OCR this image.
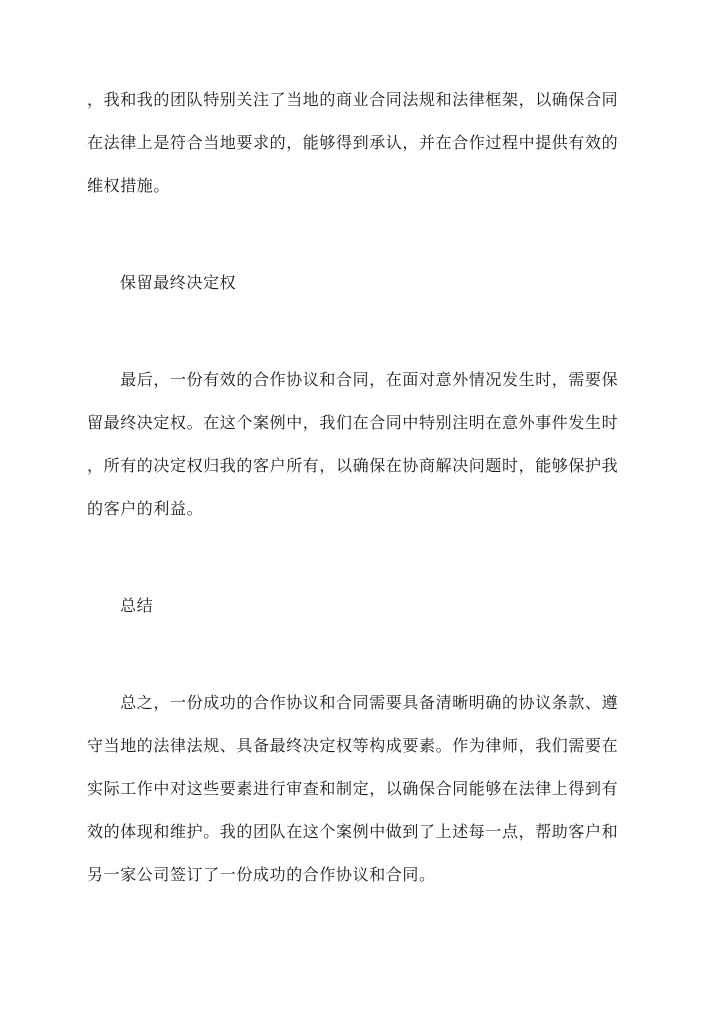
，我和我的团队特别关注了当地的商业合同法规和法律框架，以确保合同
在法律上是符合当地要求的，能够得到承认，并在合作过程中提供有效的
维权措施。
保留最终决定权
　　最后，一份有效的合作协议和合同，在面对意外情况发生时，需要保
留最终决定权。在这个案例中，我们在合同中特别注明在意外事件发生时
，所有的决定权归我的客户所有，以确保在协商解决问题时，能够保护我
的客户的利益。
总结
　　总之，一份成功的合作协议和合同需要具备清晰明确的协议条款、遵
守当地的法律法规、具备最终决定权等构成要素。作为律师，我们需要在
实际工作中对这些要素进行审查和制定，以确保合同能够在法律上得到有
效的体现和维护。我的团队在这个案例中做到了上述每一点，帮助客户和
另一家公司签订了一份成功的合作协议和合同。
